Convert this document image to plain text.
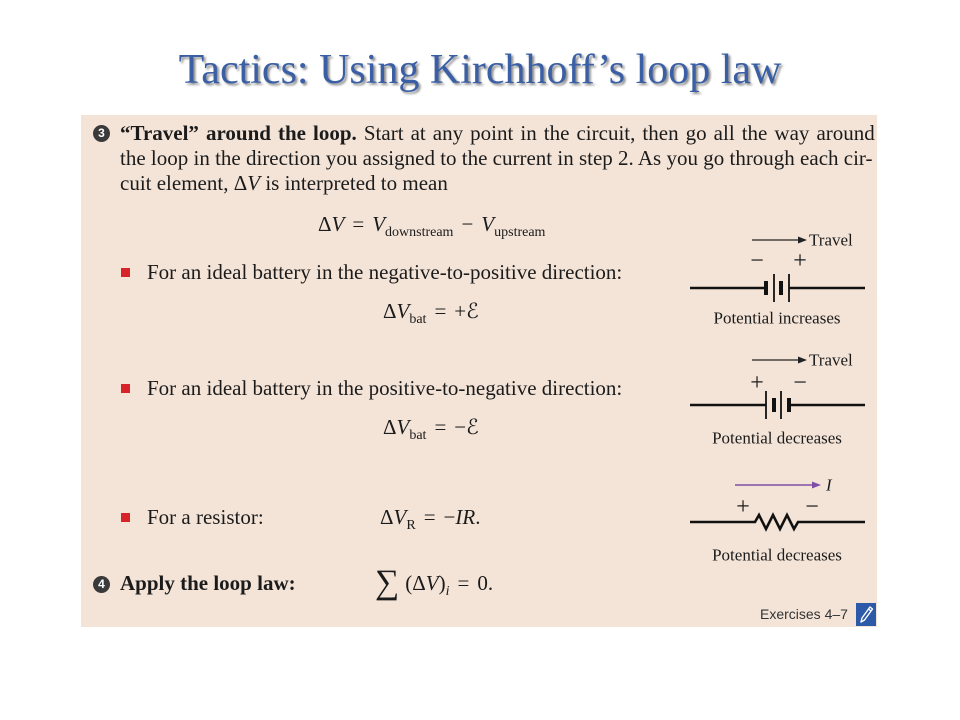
Tactics: Using Kirchhoff’s loop law
3 “Travel” around the loop. Start at any point in the circuit, then go all the way around
the loop in the direction you assigned to the current in step 2. As you go through each cir-
cuit element, ΔV is interpreted to mean
$\Delta V = V_{downstream} - V_{upstream}$
For an ideal battery in the negative-to-positive direction:
$\Delta V_{bat}$ = +ℰ
For an ideal battery in the positive-to-negative direction:
$\Delta V_{bat}$ = −ℰ
For a resistor:	$\Delta V_R = -IR$.
Travel
− +
Potential increases
Travel
+ −
Potential decreases
I
+ −
Potential decreases
4 Apply the loop law: ∑ $(\Delta V)_i = 0$.
Exercises 4–7
